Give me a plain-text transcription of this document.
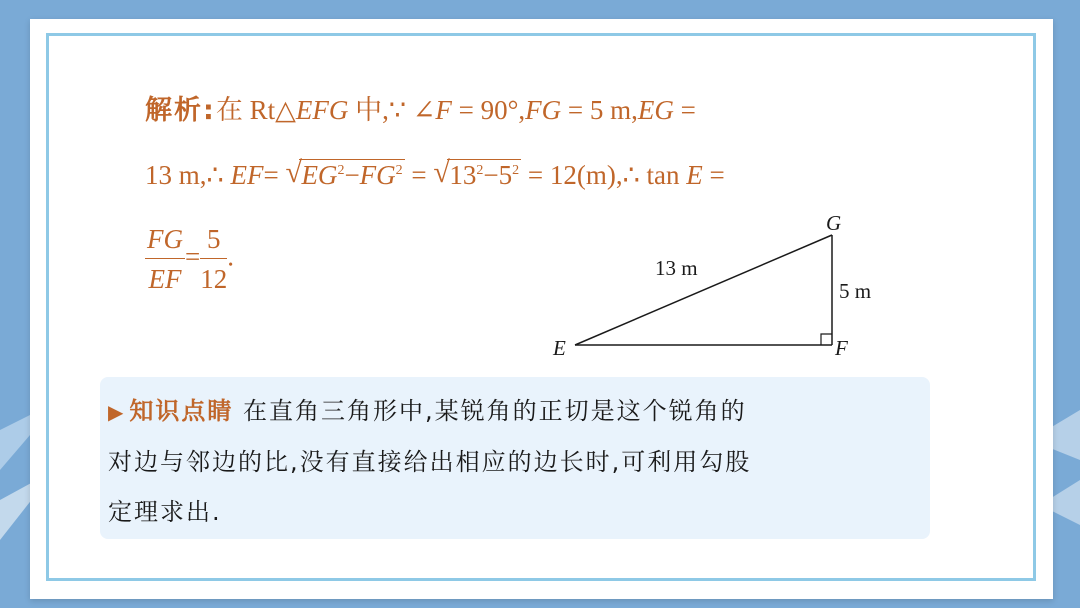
解析:在 Rt△EFG 中,∵ ∠F = 90°,FG = 5 m,EG =
13 m,∴ EF= √ $EG^2-FG^2$ = √ $13^2-5^2$ = 12(m),∴ tan E =
$\frac{FG}{EF} = \frac{5}{12}$ .
E	F
G
13 m
5 m
▶ 知识点睛 在直角三角形中,某锐角的正切是这个锐角的
对边与邻边的比,没有直接给出相应的边长时,可利用勾股
定理求出.
